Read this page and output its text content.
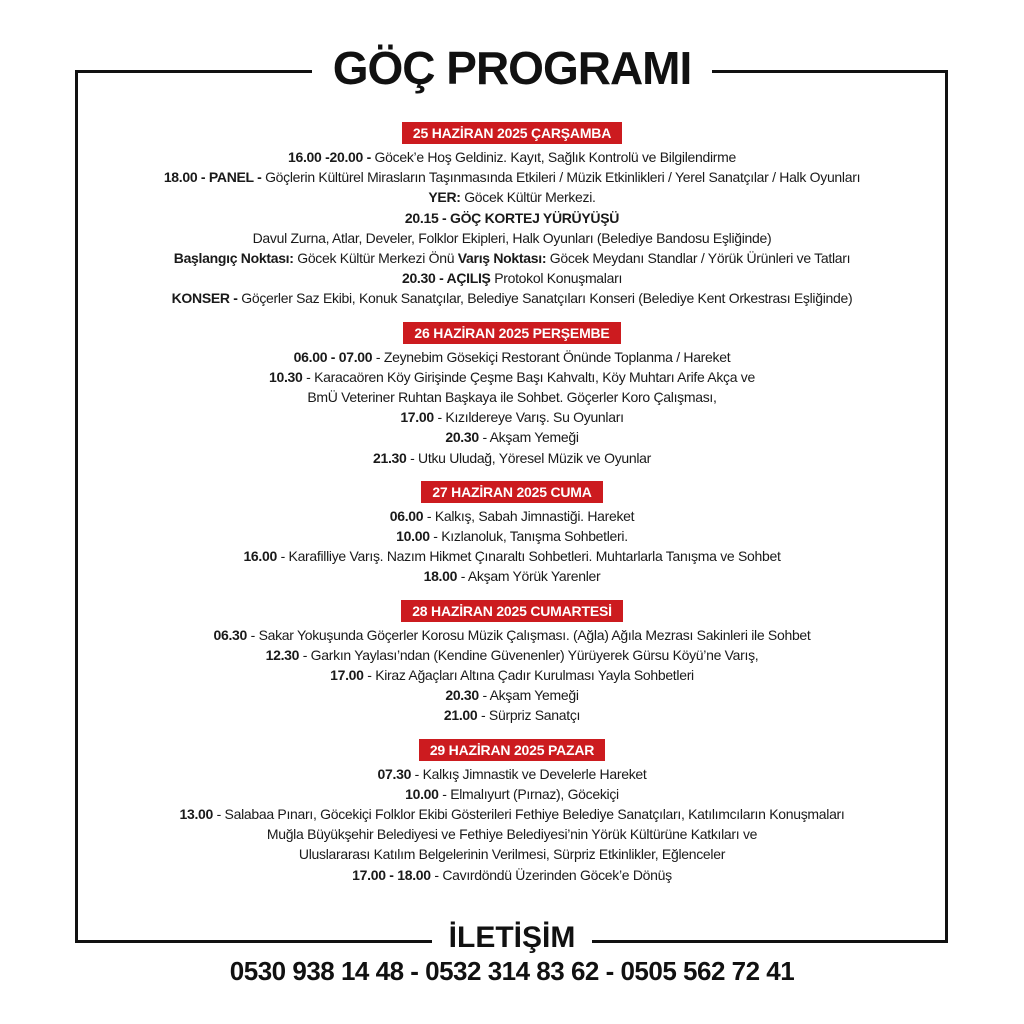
GÖÇ PROGRAMI
25 HAZİRAN 2025 ÇARŞAMBA
16.00 -20.00 - Göcek’e Hoş Geldiniz. Kayıt, Sağlık Kontrolü ve Bilgilendirme
18.00 - PANEL - Göçlerin Kültürel Mirasların Taşınmasında Etkileri / Müzik Etkinlikleri / Yerel Sanatçılar / Halk Oyunları
YER: Göcek Kültür Merkezi.
20.15 - GÖÇ KORTEJ YÜRÜYÜŞÜ
Davul Zurna, Atlar, Develer, Folklor Ekipleri, Halk Oyunları (Belediye Bandosu Eşliğinde)
Başlangıç Noktası: Göcek Kültür Merkezi Önü Varış Noktası: Göcek Meydanı Standlar / Yörük Ürünleri ve Tatları
20.30 - AÇILIŞ Protokol Konuşmaları
KONSER - Göçerler Saz Ekibi, Konuk Sanatçılar, Belediye Sanatçıları Konseri (Belediye Kent Orkestrası Eşliğinde)
26 HAZİRAN 2025 PERŞEMBE
06.00 - 07.00 - Zeynebim Gösekiçi Restorant Önünde Toplanma / Hareket
10.30 - Karacaören Köy Girişinde Çeşme Başı Kahvaltı, Köy Muhtarı Arife Akça ve
BmÜ Veteriner Ruhtan Başkaya ile Sohbet. Göçerler Koro Çalışması,
17.00 - Kızıldereye Varış. Su Oyunları
20.30 - Akşam Yemeği
21.30 - Utku Uludağ, Yöresel Müzik ve Oyunlar
27 HAZİRAN 2025 CUMA
06.00 - Kalkış, Sabah Jimnastiği. Hareket
10.00 - Kızlanoluk, Tanışma Sohbetleri.
16.00 - Karafilliye Varış. Nazım Hikmet Çınaraltı Sohbetleri. Muhtarlarla Tanışma ve Sohbet
18.00 - Akşam Yörük Yarenler
28 HAZİRAN 2025 CUMARTESİ
06.30 - Sakar Yokuşunda Göçerler Korosu Müzik Çalışması. (Ağla) Ağıla Mezrası Sakinleri ile Sohbet
12.30 - Garkın Yaylası’ndan (Kendine Güvenenler) Yürüyerek Gürsu Köyü’ne Varış,
17.00 - Kiraz Ağaçları Altına Çadır Kurulması Yayla Sohbetleri
20.30 - Akşam Yemeği
21.00 - Sürpriz Sanatçı
29 HAZİRAN 2025 PAZAR
07.30 - Kalkış Jimnastik ve Develerle Hareket
10.00 - Elmalıyurt (Pırnaz), Göcekiçi
13.00 - Salabaa Pınarı, Göcekiçi Folklor Ekibi Gösterileri Fethiye Belediye Sanatçıları, Katılımcıların Konuşmaları
Muğla Büyükşehir Belediyesi ve Fethiye Belediyesi’nin Yörük Kültürüne Katkıları ve
Uluslararası Katılım Belgelerinin Verilmesi, Sürpriz Etkinlikler, Eğlenceler
17.00 - 18.00 - Cavırdöndü Üzerinden Göcek’e Dönüş
İLETİŞİM
0530 938 14 48 - 0532 314 83 62 - 0505 562 72 41
